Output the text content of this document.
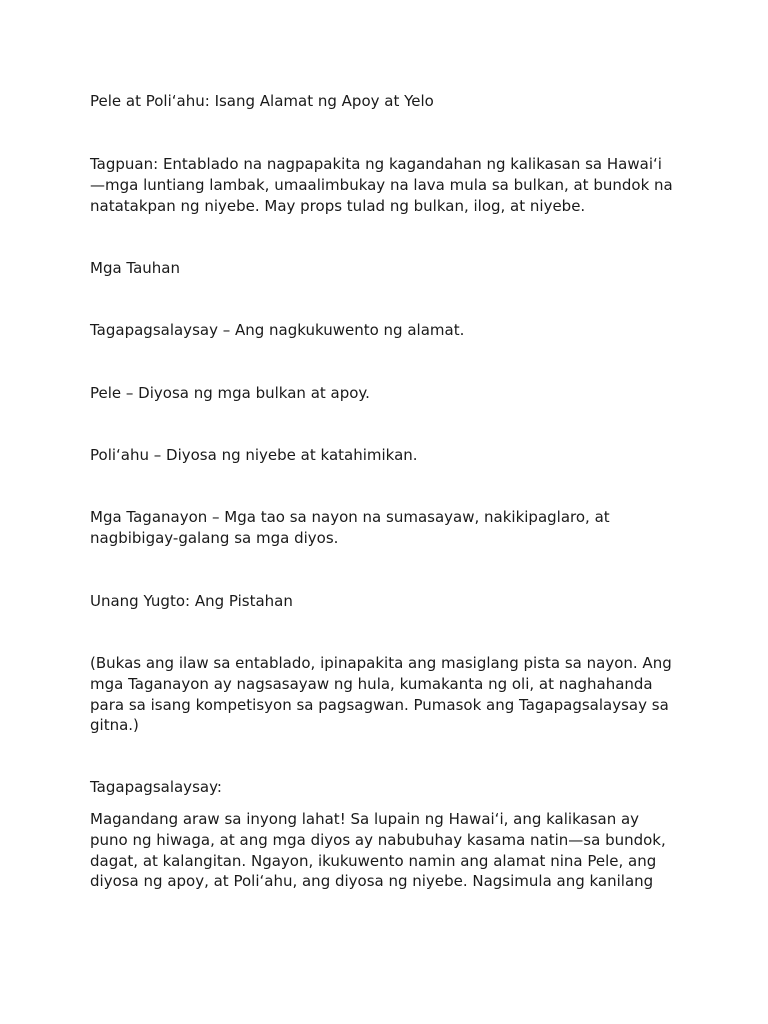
Pele at Poli‘ahu: Isang Alamat ng Apoy at Yelo

Tagpuan: Entablado na nagpapakita ng kagandahan ng kalikasan sa Hawai‘i
—mga luntiang lambak, umaalimbukay na lava mula sa bulkan, at bundok na
natatakpan ng niyebe. May props tulad ng bulkan, ilog, at niyebe.

Mga Tauhan

Tagapagsalaysay – Ang nagkukuwento ng alamat.

Pele – Diyosa ng mga bulkan at apoy.

Poli‘ahu – Diyosa ng niyebe at katahimikan.

Mga Taganayon – Mga tao sa nayon na sumasayaw, nakikipaglaro, at
nagbibigay-galang sa mga diyos.

Unang Yugto: Ang Pistahan

(Bukas ang ilaw sa entablado, ipinapakita ang masiglang pista sa nayon. Ang
mga Taganayon ay nagsasayaw ng hula, kumakanta ng oli, at naghahanda
para sa isang kompetisyon sa pagsagwan. Pumasok ang Tagapagsalaysay sa
gitna.)

Tagapagsalaysay:

Magandang araw sa inyong lahat! Sa lupain ng Hawai‘i, ang kalikasan ay
puno ng hiwaga, at ang mga diyos ay nabubuhay kasama natin—sa bundok,
dagat, at kalangitan. Ngayon, ikukuwento namin ang alamat nina Pele, ang
diyosa ng apoy, at Poli‘ahu, ang diyosa ng niyebe. Nagsimula ang kanilang
